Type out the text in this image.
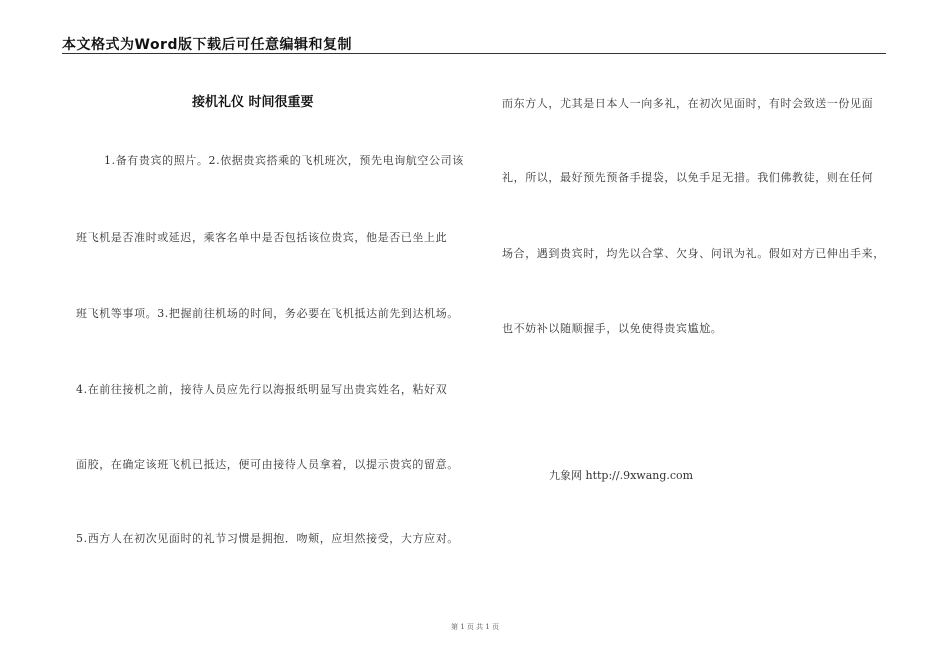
本文格式为Word版下载后可任意编辑和复制
接机礼仪 时间很重要
1.备有贵宾的照片。2.依据贵宾搭乘的飞机班次，预先电询航空公司该
班飞机是否准时或延迟，乘客名单中是否包括该位贵宾，他是否已坐上此
班飞机等事项。3.把握前往机场的时间，务必要在飞机抵达前先到达机场。
4.在前往接机之前，接待人员应先行以海报纸明显写出贵宾姓名，粘好双
面胶，在确定该班飞机已抵达，便可由接待人员拿着，以提示贵宾的留意。
5.西方人在初次见面时的礼节习惯是拥抱．吻颊，应坦然接受，大方应对。
而东方人，尤其是日本人一向多礼，在初次见面时，有时会致送一份见面
礼，所以，最好预先预备手提袋，以免手足无措。我们佛教徒，则在任何
场合，遇到贵宾时，均先以合掌、欠身、问讯为礼。假如对方已伸出手来，
也不妨补以随顺握手，以免使得贵宾尴尬。
九象网 http://.9xwang.com
第 1 页 共 1 页
